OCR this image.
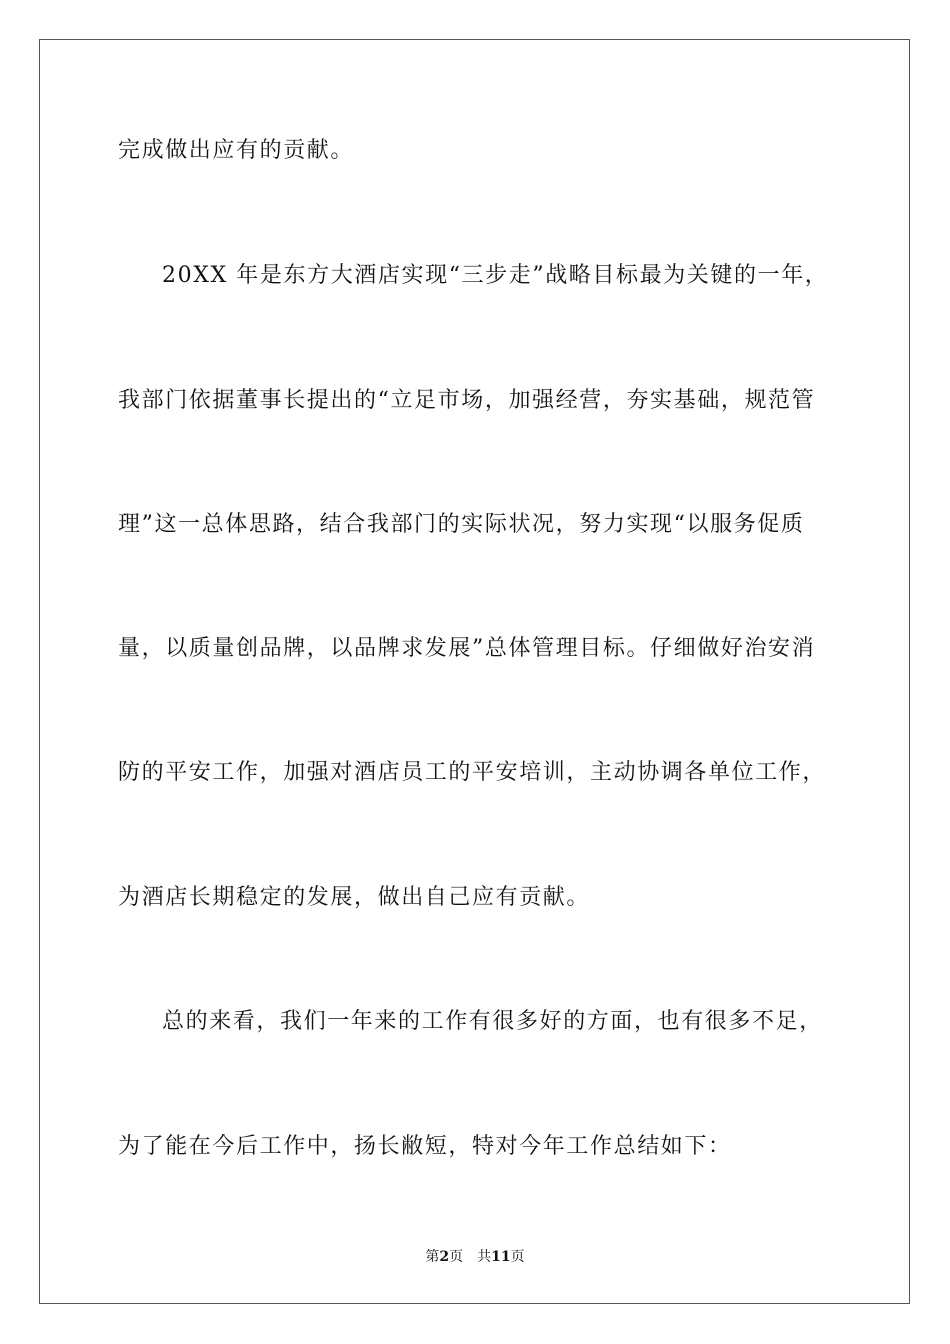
完成做出应有的贡献。
20XX 年是东方大酒店实现“三步走”战略目标最为关键的一年，
我部门依据董事长提出的“立足市场，加强经营，夯实基础，规范管
理”这一总体思路，结合我部门的实际状况，努力实现“以服务促质
量，以质量创品牌，以品牌求发展”总体管理目标。仔细做好治安消
防的平安工作，加强对酒店员工的平安培训，主动协调各单位工作，
为酒店长期稳定的发展，做出自己应有贡献。
总的来看，我们一年来的工作有很多好的方面，也有很多不足，
为了能在今后工作中，扬长敝短，特对今年工作总结如下：
第2页 共11页
